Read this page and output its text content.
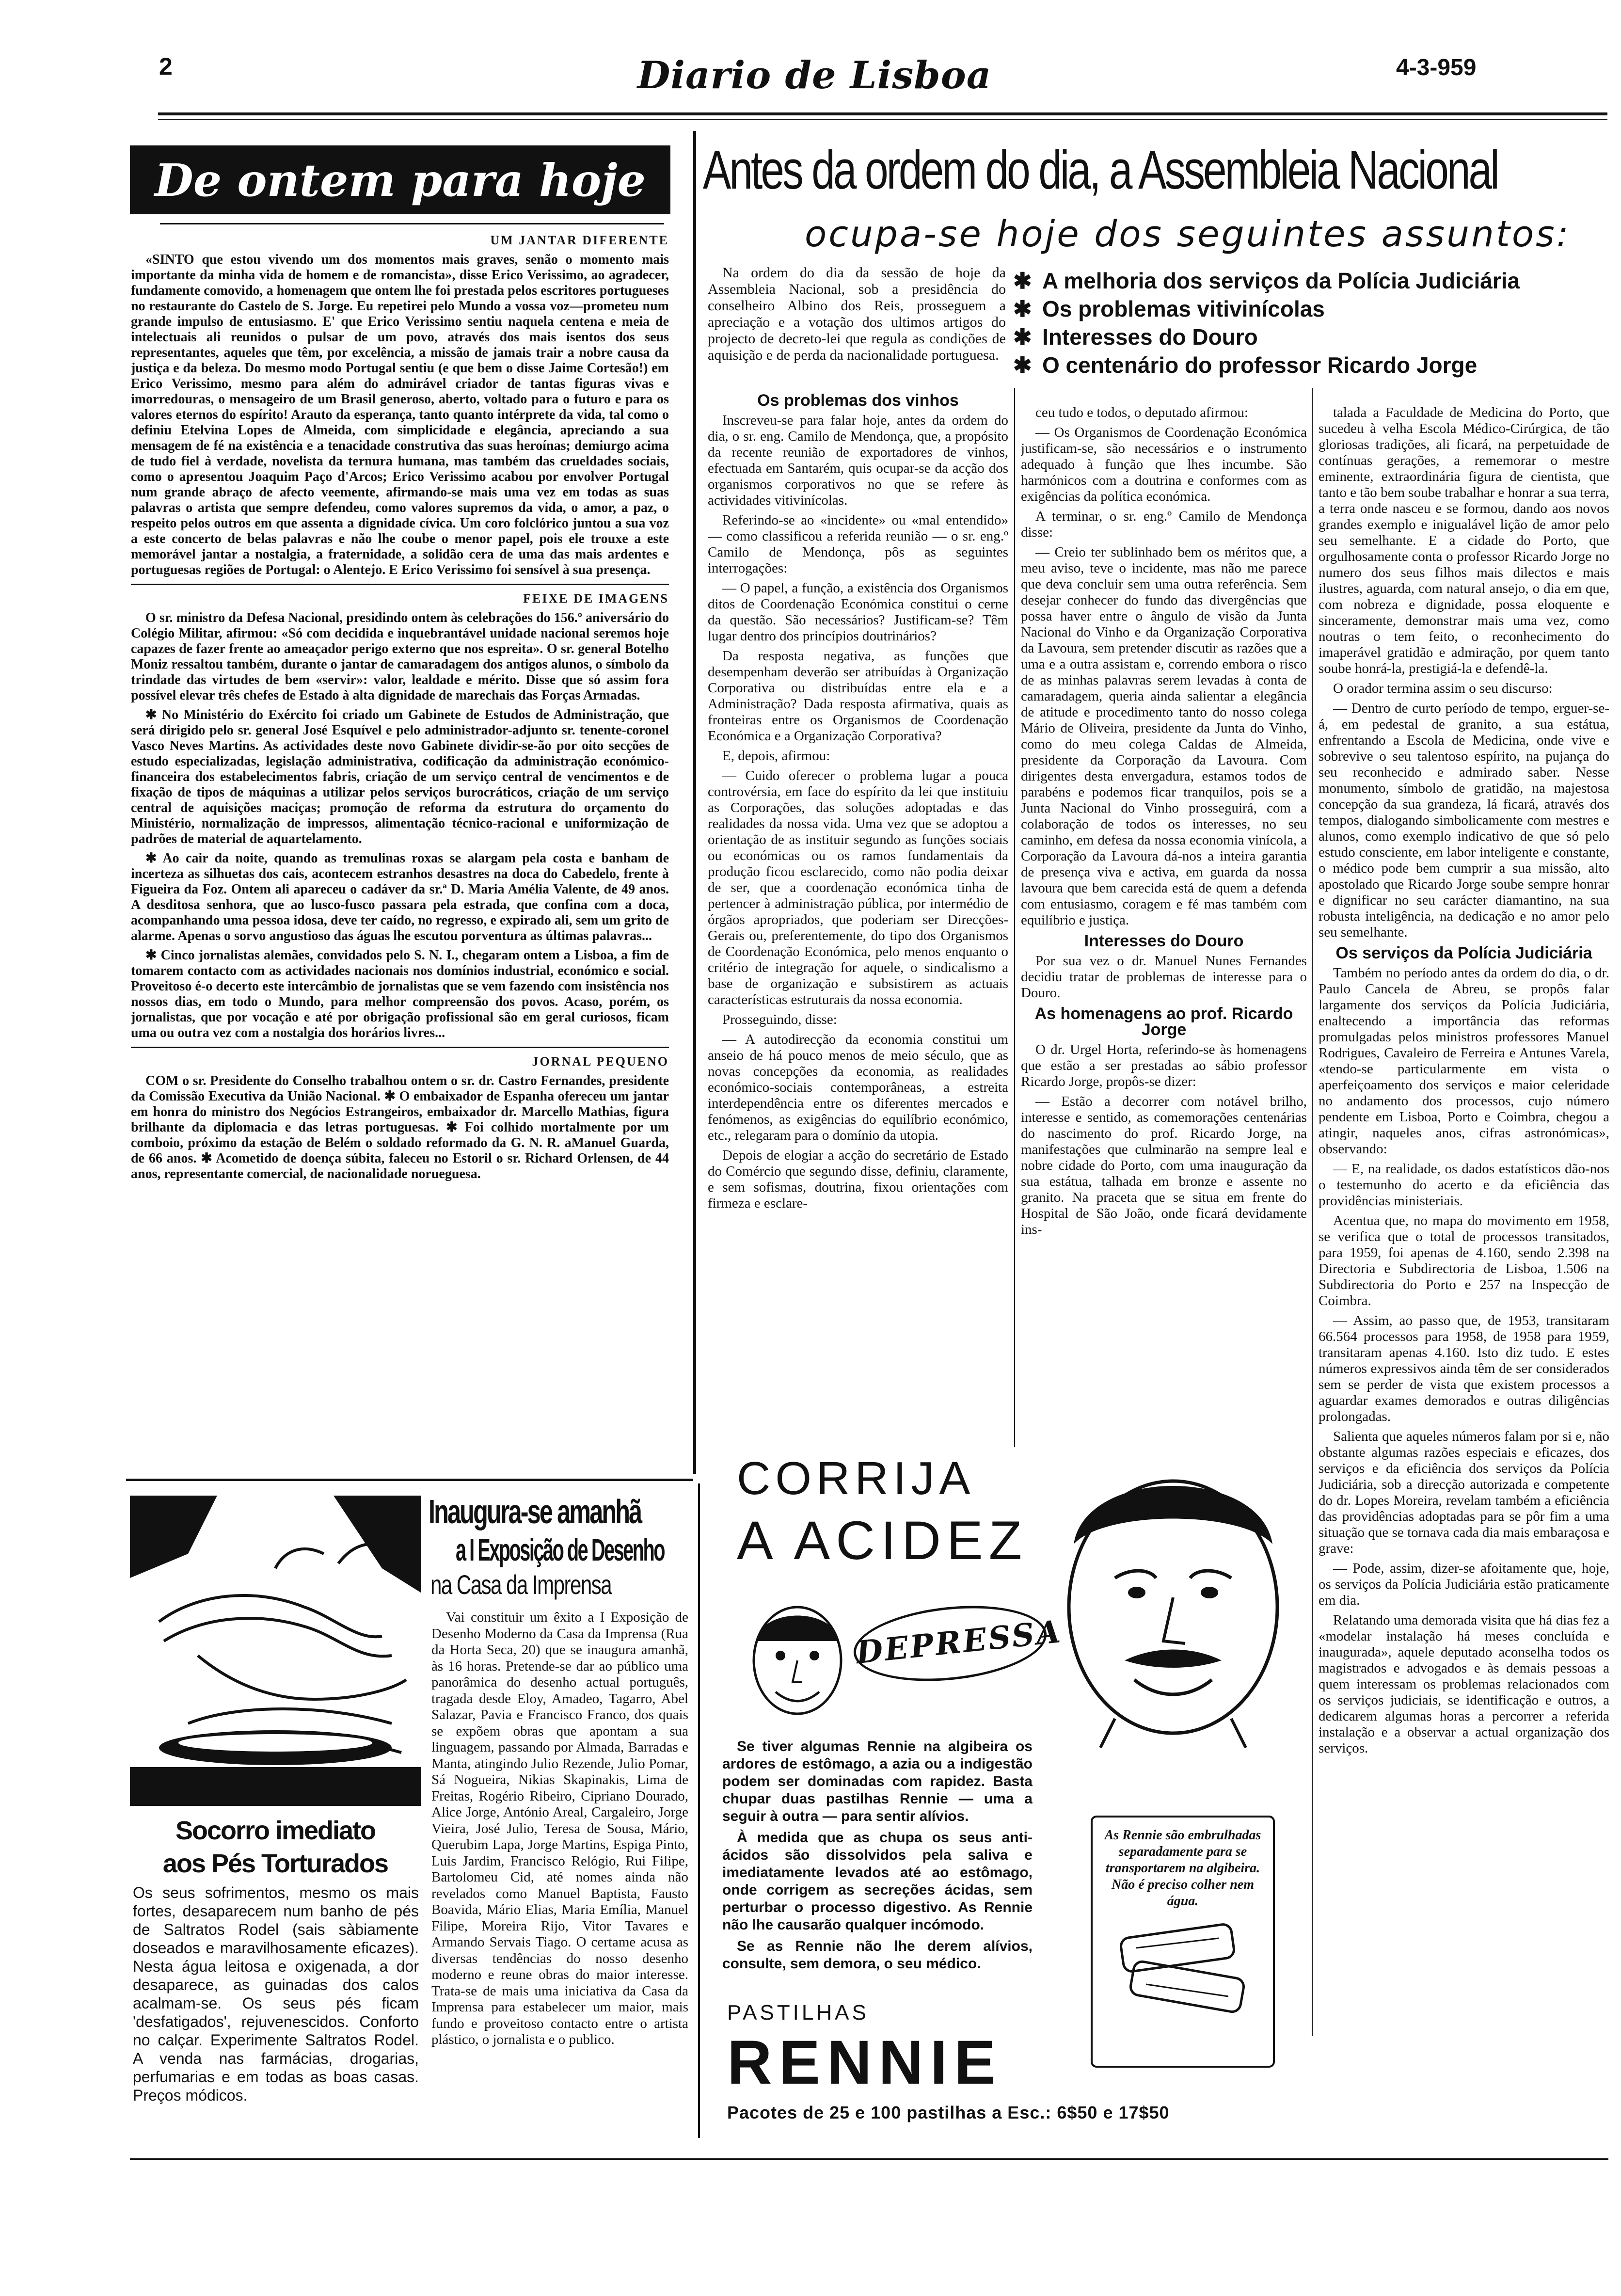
2	Diario de Lisboa	4-3-959
De ontem para hoje
UM JANTAR DIFERENTE

«SINTO que estou vivendo um dos momentos mais graves, senão o momento mais importante da minha vida de homem e de romancista», disse Erico Verissimo, ao agradecer, fundamente comovido, a homenagem que ontem lhe foi prestada pelos escritores portugueses no restaurante do Castelo de S. Jorge. Eu repetirei pelo Mundo a vossa voz—prometeu num grande impulso de entusiasmo. E' que Erico Verissimo sentiu naquela centena e meia de intelectuais ali reunidos o pulsar de um povo, através dos mais isentos dos seus representantes, aqueles que têm, por excelência, a missão de jamais trair a nobre causa da justiça e da beleza. Do mesmo modo Portugal sentiu (e que bem o disse Jaime Cortesão!) em Erico Verissimo, mesmo para além do admirável criador de tantas figuras vivas e imorredouras, o mensageiro de um Brasil generoso, aberto, voltado para o futuro e para os valores eternos do espírito! Arauto da esperança, tanto quanto intérprete da vida, tal como o definiu Etelvina Lopes de Almeida, com simplicidade e elegância, apreciando a sua mensagem de fé na existência e a tenacidade construtiva das suas heroínas; demiurgo acima de tudo fiel à verdade, novelista da ternura humana, mas também das crueldades sociais, como o apresentou Joaquim Paço d'Arcos; Erico Verissimo acabou por envolver Portugal num grande abraço de afecto veemente, afirmando-se mais uma vez em todas as suas palavras o artista que sempre defendeu, como valores supremos da vida, o amor, a paz, o respeito pelos outros em que assenta a dignidade cívica. Um coro folclórico juntou a sua voz a este concerto de belas palavras e não lhe coube o menor papel, pois ele trouxe a este memorável jantar a nostalgia, a fraternidade, a solidão cera de uma das mais ardentes e portuguesas regiões de Portugal: o Alentejo. E Erico Verissimo foi sensível à sua presença.

FEIXE DE IMAGENS

O sr. ministro da Defesa Nacional, presidindo ontem às celebrações do 156.º aniversário do Colégio Militar, afirmou: «Só com decidida e inquebrantável unidade nacional seremos hoje capazes de fazer frente ao ameaçador perigo externo que nos espreita». O sr. general Botelho Moniz ressaltou também, durante o jantar de camaradagem dos antigos alunos, o símbolo da trindade das virtudes de bem «servir»: valor, lealdade e mérito. Disse que só assim fora possível elevar três chefes de Estado à alta dignidade de marechais das Forças Armadas.

✱ No Ministério do Exército foi criado um Gabinete de Estudos de Administração, que será dirigido pelo sr. general José Esquível e pelo administrador-adjunto sr. tenente-coronel Vasco Neves Martins. As actividades deste novo Gabinete dividir-se-ão por oito secções de estudo especializadas, legislação administrativa, codificação da administração económico-financeira dos estabelecimentos fabris, criação de um serviço central de vencimentos e de fixação de tipos de máquinas a utilizar pelos serviços burocráticos, criação de um serviço central de aquisições maciças; promoção de reforma da estrutura do orçamento do Ministério, normalização de impressos, alimentação técnico-racional e uniformização de padrões de material de aquartelamento.

✱ Ao cair da noite, quando as tremulinas roxas se alargam pela costa e banham de incerteza as silhuetas dos cais, acontecem estranhos desastres na doca do Cabedelo, frente à Figueira da Foz. Ontem ali apareceu o cadáver da sr.ª D. Maria Amélia Valente, de 49 anos. A desditosa senhora, que ao lusco-fusco passara pela estrada, que confina com a doca, acompanhando uma pessoa idosa, deve ter caído, no regresso, e expirado ali, sem um grito de alarme. Apenas o sorvo angustioso das águas lhe escutou porventura as últimas palavras...

✱ Cinco jornalistas alemães, convidados pelo S. N. I., chegaram ontem a Lisboa, a fim de tomarem contacto com as actividades nacionais nos domínios industrial, económico e social. Proveitoso é-o decerto este intercâmbio de jornalistas que se vem fazendo com insistência nos nossos dias, em todo o Mundo, para melhor compreensão dos povos. Acaso, porém, os jornalistas, que por vocação e até por obrigação profissional são em geral curiosos, ficam uma ou outra vez com a nostalgia dos horários livres...

JORNAL PEQUENO

COM o sr. Presidente do Conselho trabalhou ontem o sr. dr. Castro Fernandes, presidente da Comissão Executiva da União Nacional. ✱ O embaixador de Espanha ofereceu um jantar em honra do ministro dos Negócios Estrangeiros, embaixador dr. Marcello Mathias, figura brilhante da diplomacia e das letras portuguesas. ✱ Foi colhido mortalmente por um comboio, próximo da estação de Belém o soldado reformado da G. N. R. aManuel Guarda, de 66 anos. ✱ Acometido de doença súbita, faleceu no Estoril o sr. Richard Orlensen, de 44 anos, representante comercial, de nacionalidade norueguesa.

Antes da ordem do dia, a Assembleia Nacional
ocupa-se hoje dos seguintes assuntos:

Na ordem do dia da sessão de hoje da Assembleia Nacional, sob a presidência do conselheiro Albino dos Reis, prosseguem a apreciação e a votação dos ultimos artigos do projecto de decreto-lei que regula as condições de aquisição e de perda da nacionalidade portuguesa.

✱ A melhoria dos serviços da Polícia Judiciária
✱ Os problemas vitivinícolas
✱ Interesses do Douro
✱ O centenário do professor Ricardo Jorge
Os problemas dos vinhos

Inscreveu-se para falar hoje, antes da ordem do dia, o sr. eng. Camilo de Mendonça, que, a propósito da recente reunião de exportadores de vinhos, efectuada em Santarém, quis ocupar-se da acção dos organismos corporativos no que se refere às actividades vitivinícolas.

Referindo-se ao «incidente» ou «mal entendido» — como classificou a referida reunião — o sr. eng.º Camilo de Mendonça, pôs as seguintes interrogações:

— O papel, a função, a existência dos Organismos ditos de Coordenação Económica constitui o cerne da questão. São necessários? Justificam-se? Têm lugar dentro dos princípios doutrinários?

Da resposta negativa, as funções que desempenham deverão ser atribuídas à Organização Corporativa ou distribuídas entre ela e a Administração? Dada resposta afirmativa, quais as fronteiras entre os Organismos de Coordenação Económica e a Organização Corporativa?

E, depois, afirmou:

— Cuido oferecer o problema lugar a pouca controvérsia, em face do espírito da lei que instituiu as Corporações, das soluções adoptadas e das realidades da nossa vida. Uma vez que se adoptou a orientação de as instituir segundo as funções sociais ou económicas ou os ramos fundamentais da produção ficou esclarecido, como não podia deixar de ser, que a coordenação económica tinha de pertencer à administração pública, por intermédio de órgãos apropriados, que poderiam ser Direcções-Gerais ou, preferentemente, do tipo dos Organismos de Coordenação Económica, pelo menos enquanto o critério de integração for aquele, o sindicalismo a base de organização e subsistirem as actuais características estruturais da nossa economia.

Prosseguindo, disse:

— A autodirecção da economia constitui um anseio de há pouco menos de meio século, que as novas concepções da economia, as realidades económico-sociais contemporâneas, a estreita interdependência entre os diferentes mercados e fenómenos, as exigências do equilíbrio económico, etc., relegaram para o domínio da utopia.

Depois de elogiar a acção do secretário de Estado do Comércio que segundo disse, definiu, claramente, e sem sofismas, doutrina, fixou orientações com firmeza e esclare-

ceu tudo e todos, o deputado afirmou:

— Os Organismos de Coordenação Económica justificam-se, são necessários e o instrumento adequado à função que lhes incumbe. São harmónicos com a doutrina e conformes com as exigências da política económica.

A terminar, o sr. eng.º Camilo de Mendonça disse:

— Creio ter sublinhado bem os méritos que, a meu aviso, teve o incidente, mas não me parece que deva concluir sem uma outra referência. Sem desejar conhecer do fundo das divergências que possa haver entre o ângulo de visão da Junta Nacional do Vinho e da Organização Corporativa da Lavoura, sem pretender discutir as razões que a uma e a outra assistam e, correndo embora o risco de as minhas palavras serem levadas à conta de camaradagem, queria ainda salientar a elegância de atitude e procedimento tanto do nosso colega Mário de Oliveira, presidente da Junta do Vinho, como do meu colega Caldas de Almeida, presidente da Corporação da Lavoura. Com dirigentes desta envergadura, estamos todos de parabéns e podemos ficar tranquilos, pois se a Junta Nacional do Vinho prosseguirá, com a colaboração de todos os interesses, no seu caminho, em defesa da nossa economia vinícola, a Corporação da Lavoura dá-nos a inteira garantia de presença viva e activa, em guarda da nossa lavoura que bem carecida está de quem a defenda com entusiasmo, coragem e fé mas também com equilíbrio e justiça.

Interesses do Douro

Por sua vez o dr. Manuel Nunes Fernandes decidiu tratar de problemas de interesse para o Douro.

As homenagens ao prof. Ricardo Jorge

O dr. Urgel Horta, referindo-se às homenagens que estão a ser prestadas ao sábio professor Ricardo Jorge, propôs-se dizer:

— Estão a decorrer com notável brilho, interesse e sentido, as comemorações centenárias do nascimento do prof. Ricardo Jorge, na manifestações que culminarão na sempre leal e nobre cidade do Porto, com uma inauguração da sua estátua, talhada em bronze e assente no granito. Na praceta que se situa em frente do Hospital de São João, onde ficará devidamente ins-

talada a Faculdade de Medicina do Porto, que sucedeu à velha Escola Médico-Cirúrgica, de tão gloriosas tradições, ali ficará, na perpetuidade de contínuas gerações, a rememorar o mestre eminente, extraordinária figura de cientista, que tanto e tão bem soube trabalhar e honrar a sua terra, a terra onde nasceu e se formou, dando aos novos grandes exemplo e inigualável lição de amor pelo seu semelhante. E a cidade do Porto, que orgulhosamente conta o professor Ricardo Jorge no numero dos seus filhos mais dilectos e mais ilustres, aguarda, com natural ansejo, o dia em que, com nobreza e dignidade, possa eloquente e sinceramente, demonstrar mais uma vez, como noutras o tem feito, o reconhecimento do imaperável gratidão e admiração, por quem tanto soube honrá-la, prestigiá-la e defendê-la.

O orador termina assim o seu discurso:

— Dentro de curto período de tempo, erguer-se-á, em pedestal de granito, a sua estátua, enfrentando a Escola de Medicina, onde vive e sobrevive o seu talentoso espírito, na pujança do seu reconhecido e admirado saber. Nesse monumento, símbolo de gratidão, na majestosa concepção da sua grandeza, lá ficará, através dos tempos, dialogando simbolicamente com mestres e alunos, como exemplo indicativo de que só pelo estudo consciente, em labor inteligente e constante, o médico pode bem cumprir a sua missão, alto apostolado que Ricardo Jorge soube sempre honrar e dignificar no seu carácter diamantino, na sua robusta inteligência, na dedicação e no amor pelo seu semelhante.

Os serviços da Polícia Judiciária

Também no período antes da ordem do dia, o dr. Paulo Cancela de Abreu, se propôs falar largamente dos serviços da Polícia Judiciária, enaltecendo a importância das reformas promulgadas pelos ministros professores Manuel Rodrigues, Cavaleiro de Ferreira e Antunes Varela, «tendo-se particularmente em vista o aperfeiçoamento dos serviços e maior celeridade no andamento dos processos, cujo número pendente em Lisboa, Porto e Coimbra, chegou a atingir, naqueles anos, cifras astronómicas», observando:

— E, na realidade, os dados estatísticos dão-nos o testemunho do acerto e da eficiência das providências ministeriais.

Acentua que, no mapa do movimento em 1958, se verifica que o total de processos transitados, para 1959, foi apenas de 4.160, sendo 2.398 na Directoria e Subdirectoria de Lisboa, 1.506 na Subdirectoria do Porto e 257 na Inspecção de Coimbra.

— Assim, ao passo que, de 1953, transitaram 66.564 processos para 1958, de 1958 para 1959, transitaram apenas 4.160. Isto diz tudo. E estes números expressivos ainda têm de ser considerados sem se perder de vista que existem processos a aguardar exames demorados e outras diligências prolongadas.

Salienta que aqueles números falam por si e, não obstante algumas razões especiais e eficazes, dos serviços e da eficiência dos serviços da Polícia Judiciária, sob a direcção autorizada e competente do dr. Lopes Moreira, revelam também a eficiência das providências adoptadas para se pôr fim a uma situação que se tornava cada dia mais embaraçosa e grave:

— Pode, assim, dizer-se afoitamente que, hoje, os serviços da Polícia Judiciária estão praticamente em dia.

Relatando uma demorada visita que há dias fez a «modelar instalação há meses concluída e inaugurada», aquele deputado aconselha todos os magistrados e advogados e às demais pessoas a quem interessam os problemas relacionados com os serviços judiciais, se identificação e outros, a dedicarem algumas horas a percorrer a referida instalação e a observar a actual organização dos serviços.

Socorro imediato
aos Pés Torturados
Os seus sofrimentos, mesmo os mais fortes, desaparecem num banho de pés de Saltratos Rodel (sais sàbiamente doseados e maravilhosamente eficazes). Nesta água leitosa e oxigenada, a dor desaparece, as guinadas dos calos acalmam-se. Os seus pés ficam 'desfatigados', rejuvenescidos. Conforto no calçar. Experimente Saltratos Rodel. A venda nas farmácias, drogarias, perfumarias e em todas as boas casas. Preços módicos.
Inaugura-se amanhã
a I Exposição de Desenho
na Casa da Imprensa

Vai constituir um êxito a I Exposição de Desenho Moderno da Casa da Imprensa (Rua da Horta Seca, 20) que se inaugura amanhã, às 16 horas. Pretende-se dar ao público uma panorâmica do desenho actual português, tragada desde Eloy, Amadeo, Tagarro, Abel Salazar, Pavia e Francisco Franco, dos quais se expõem obras que apontam a sua linguagem, passando por Almada, Barradas e Manta, atingindo Julio Rezende, Julio Pomar, Sá Nogueira, Nikias Skapinakis, Lima de Freitas, Rogério Ribeiro, Cipriano Dourado, Alice Jorge, António Areal, Cargaleiro, Jorge Vieira, José Julio, Teresa de Sousa, Mário, Querubim Lapa, Jorge Martins, Espiga Pinto, Luis Jardim, Francisco Relógio, Rui Filipe, Bartolomeu Cid, até nomes ainda não revelados como Manuel Baptista, Fausto Boavida, Mário Elias, Maria Emília, Manuel Filipe, Moreira Rijo, Vitor Tavares e Armando Servais Tiago. O certame acusa as diversas tendências do nosso desenho moderno e reune obras do maior interesse. Trata-se de mais uma iniciativa da Casa da Imprensa para estabelecer um maior, mais fundo e proveitoso contacto entre o artista plástico, o jornalista e o publico.

CORRIJA
A ACIDEZ
DEPRESSA

Se tiver algumas Rennie na algibeira os ardores de estômago, a azia ou a indigestão podem ser dominadas com rapidez. Basta chupar duas pastilhas Rennie — uma a seguir à outra — para sentir alívios.

À medida que as chupa os seus anti-ácidos são dissolvidos pela saliva e imediatamente levados até ao estômago, onde corrigem as secreções ácidas, sem perturbar o processo digestivo. As Rennie não lhe causarão qualquer incómodo.

Se as Rennie não lhe derem alívios, consulte, sem demora, o seu médico.

As Rennie são embrulhadas separadamente para se transportarem na algibeira. Não é preciso colher nem água.
PASTILHAS
RENNIE
Pacotes de 25 e 100 pastilhas a Esc.: 6$50 e 17$50
